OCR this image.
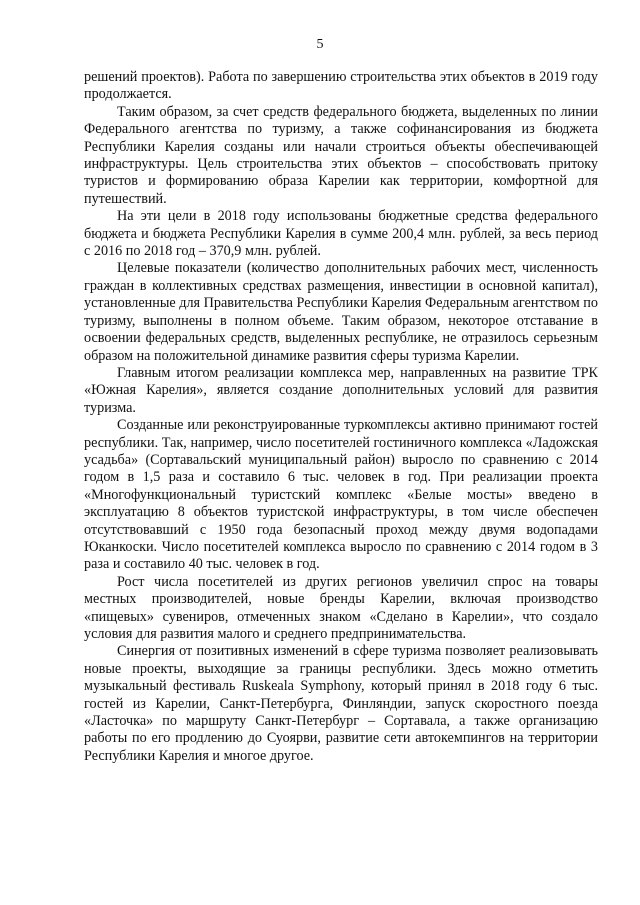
5

решений проектов). Работа по завершению строительства этих объектов в 2019 году продолжается.

Таким образом, за счет средств федерального бюджета, выделенных по линии Федерального агентства по туризму, а также софинансирования из бюджета Республики Карелия созданы или начали строиться объекты обеспечивающей инфраструктуры. Цель строительства этих объектов – способствовать притоку туристов и формированию образа Карелии как территории, комфортной для путешествий.

На эти цели в 2018 году использованы бюджетные средства федерального бюджета и бюджета Республики Карелия в сумме 200,4 млн. рублей, за весь период с 2016 по 2018 год – 370,9 млн. рублей.

Целевые показатели (количество дополнительных рабочих мест, численность граждан в коллективных средствах размещения, инвестиции в основной капитал), установленные для Правительства Республики Карелия Федеральным агентством по туризму, выполнены в полном объеме. Таким образом, некоторое отставание в освоении федеральных средств, выделенных республике, не отразилось серьезным образом на положительной динамике развития сферы туризма Карелии.

Главным итогом реализации комплекса мер, направленных на развитие ТРК «Южная Карелия», является создание дополнительных условий для развития туризма.

Созданные или реконструированные туркомплексы активно принимают гостей республики. Так, например, число посетителей гостиничного комплекса «Ладожская усадьба» (Сортавальский муниципальный район) выросло по сравнению с 2014 годом в 1,5 раза и составило 6 тыс. человек в год. При реализации проекта «Многофункциональный туристский комплекс «Белые мосты» введено в эксплуатацию 8 объектов туристской инфраструктуры, в том числе обеспечен отсутствовавший с 1950 года безопасный проход между двумя водопадами Юканкоски. Число посетителей комплекса выросло по сравнению с 2014 годом в 3 раза и составило 40 тыс. человек в год.

Рост числа посетителей из других регионов увеличил спрос на товары местных производителей, новые бренды Карелии, включая производство «пищевых» сувениров, отмеченных знаком «Сделано в Карелии», что создало условия для развития малого и среднего предпринимательства.

Синергия от позитивных изменений в сфере туризма позволяет реализовывать новые проекты, выходящие за границы республики. Здесь можно отметить музыкальный фестиваль Ruskeala Symphony, который принял в 2018 году 6 тыс. гостей из Карелии, Санкт-Петербурга, Финляндии, запуск скоростного поезда «Ласточка» по маршруту Санкт-Петербург – Сортавала, а также организацию работы по его продлению до Суоярви, развитие сети автокемпингов на территории Республики Карелия и многое другое.
